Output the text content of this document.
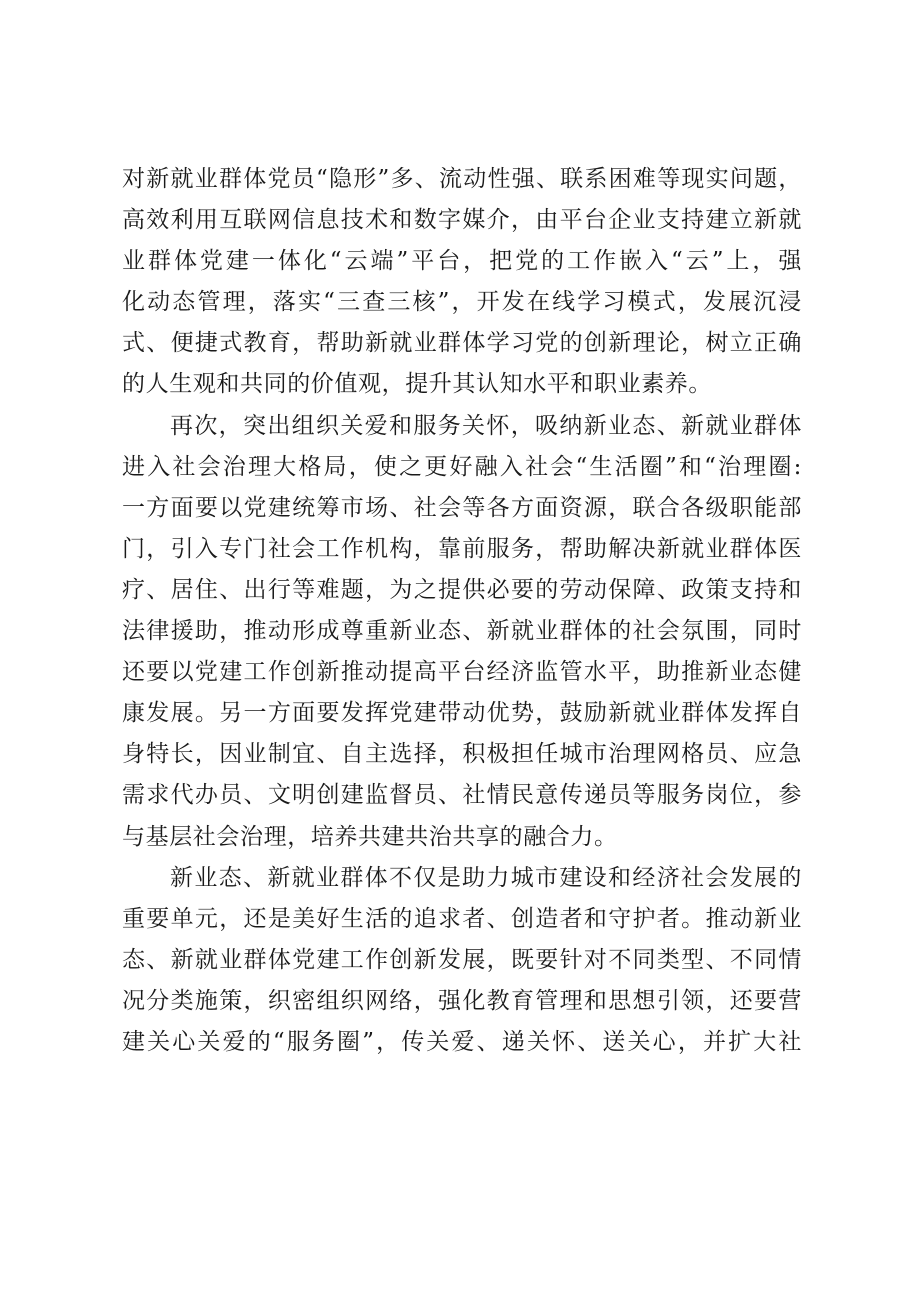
对新就业群体党员“隐形”多、流动性强、联系困难等现实问题，
高效利用互联网信息技术和数字媒介，由平台企业支持建立新就
业群体党建一体化“云端”平台，把党的工作嵌入“云”上，强
化动态管理，落实“三查三核”，开发在线学习模式，发展沉浸
式、便捷式教育，帮助新就业群体学习党的创新理论，树立正确
的人生观和共同的价值观，提升其认知水平和职业素养。
再次，突出组织关爱和服务关怀，吸纳新业态、新就业群体
进入社会治理大格局，使之更好融入社会“生活圈”和“治理圈:
一方面要以党建统筹市场、社会等各方面资源，联合各级职能部
门，引入专门社会工作机构，靠前服务，帮助解决新就业群体医
疗、居住、出行等难题，为之提供必要的劳动保障、政策支持和
法律援助，推动形成尊重新业态、新就业群体的社会氛围，同时
还要以党建工作创新推动提高平台经济监管水平，助推新业态健
康发展。另一方面要发挥党建带动优势，鼓励新就业群体发挥自
身特长，因业制宜、自主选择，积极担任城市治理网格员、应急
需求代办员、文明创建监督员、社情民意传递员等服务岗位，参
与基层社会治理，培养共建共治共享的融合力。
新业态、新就业群体不仅是助力城市建设和经济社会发展的
重要单元，还是美好生活的追求者、创造者和守护者。推动新业
态、新就业群体党建工作创新发展，既要针对不同类型、不同情
况分类施策，织密组织网络，强化教育管理和思想引领，还要营
建关心关爱的“服务圈”，传关爱、递关怀、送关心，并扩大社
